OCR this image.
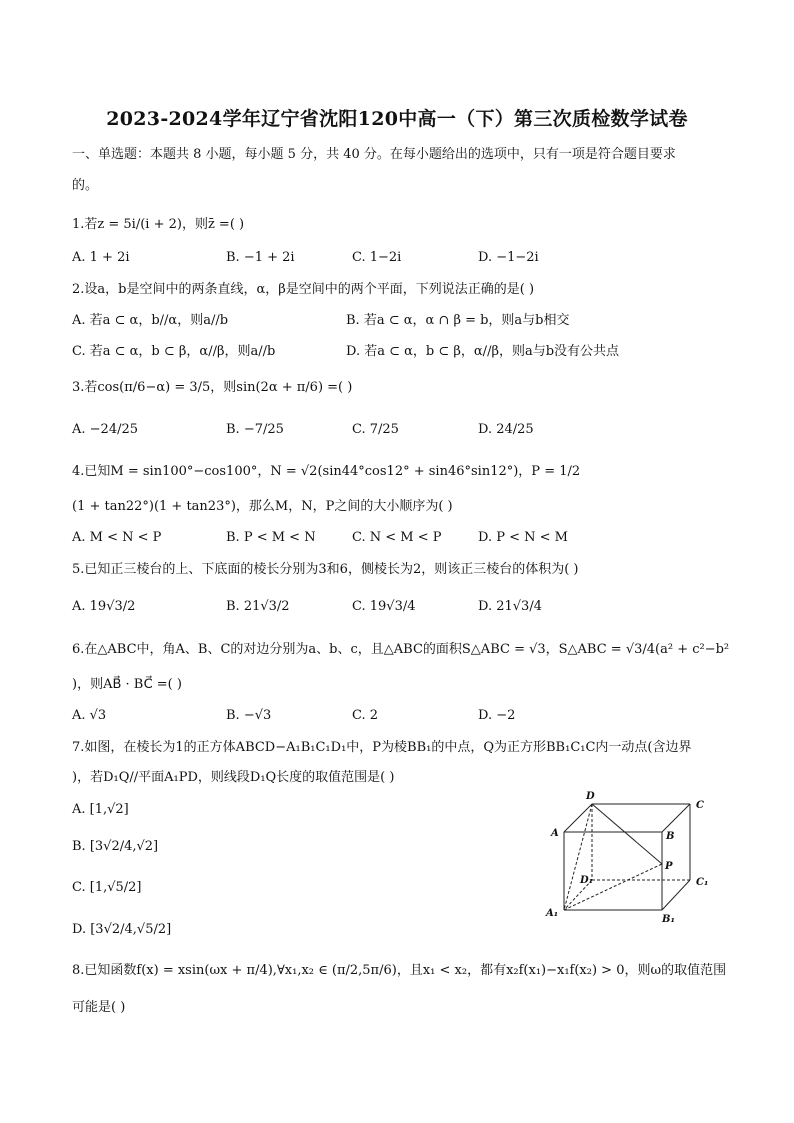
2023-2024学年辽宁省沈阳120中高一（下）第三次质检数学试卷
一、单选题：本题共 8 小题，每小题 5 分，共 40 分。在每小题给出的选项中，只有一项是符合题目要求
的。
1.若z = 5i/(i + 2)，则z̄ =( )
A. 1 + 2i	B. −1 + 2i	C. 1−2i	D. −1−2i
2.设a，b是空间中的两条直线，α，β是空间中的两个平面，下列说法正确的是( )
A. 若a ⊂ α，b//α，则a//b	B. 若a ⊂ α，α ∩ β = b，则a与b相交
C. 若a ⊂ α，b ⊂ β，α//β，则a//b	D. 若a ⊂ α，b ⊂ β，α//β，则a与b没有公共点
3.若cos(π/6−α) = 3/5，则sin(2α + π/6) =( )
A. −24/25	B. −7/25	C. 7/25	D. 24/25
4.已知M = sin100°−cos100°，N = √2(sin44°cos12° + sin46°sin12°)，P = 1/2
(1 + tan22°)(1 + tan23°)，那么M，N，P之间的大小顺序为( )
A. M < N < P	B. P < M < N	C. N < M < P	D. P < N < M
5.已知正三棱台的上、下底面的棱长分别为3和6，侧棱长为2，则该正三棱台的体积为( )
A. 19√3/2	B. 21√3/2	C. 19√3/4	D. 21√3/4
6.在△ABC中，角A、B、C的对边分别为a、b、c，且△ABC的面积S△ABC = √3，S△ABC = √3/4(a² + c²−b²
)，则AB⃗ · BC⃗ =( )
A. √3	B. −√3	C. 2	D. −2
7.如图，在棱长为1的正方体ABCD−A₁B₁C₁D₁中，P为棱BB₁的中点，Q为正方形BB₁C₁C内一动点(含边界
)，若D₁Q//平面A₁PD，则线段D₁Q长度的取值范围是( )
A. [1,√2]
B. [3√2/4,√2]
C. [1,√5/2]
D. [3√2/4,√5/2]
D
C
A	B
D₁
P
C₁
A₁
B₁
8.已知函数f(x) = xsin(ωx + π/4),∀x₁,x₂ ∈ (π/2,5π/6)，且x₁ < x₂，都有x₂f(x₁)−x₁f(x₂) > 0，则ω的取值范围
可能是( )
